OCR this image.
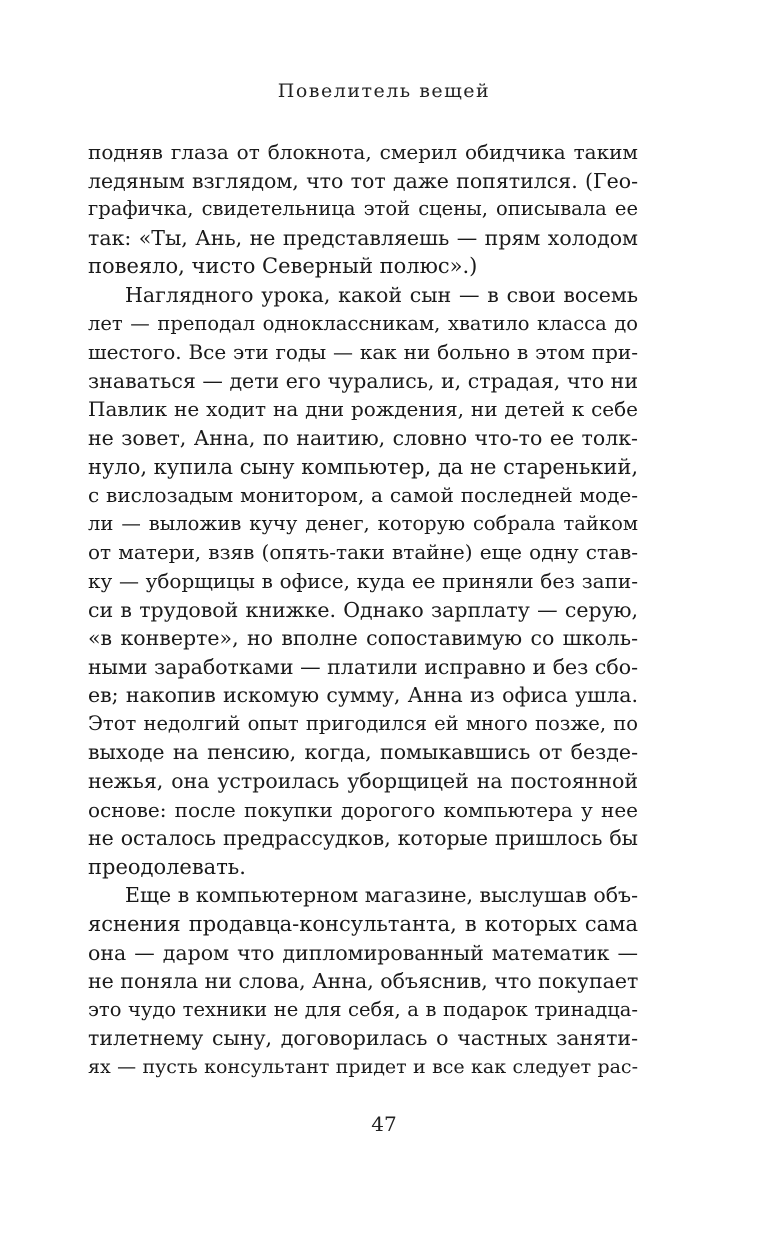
Повелитель вещей
подняв глаза от блокнота, смерил обидчика таким
ледяным взглядом, что тот даже попятился. (Гео-
графичка, свидетельница этой сцены, описывала ее
так: «Ты, Ань, не представляешь — прям холодом
повеяло, чисто Северный полюс».)
Наглядного урока, какой сын — в свои восемь
лет — преподал одноклассникам, хватило класса до
шестого. Все эти годы — как ни больно в этом при-
знаваться — дети его чурались, и, страдая, что ни
Павлик не ходит на дни рождения, ни детей к себе
не зовет, Анна, по наитию, словно что-то ее толк-
нуло, купила сыну компьютер, да не старенький,
с вислозадым монитором, а самой последней моде-
ли — выложив кучу денег, которую собрала тайком
от матери, взяв (опять-таки втайне) еще одну став-
ку — уборщицы в офисе, куда ее приняли без запи-
си в трудовой книжке. Однако зарплату — серую,
«в конверте», но вполне сопоставимую со школь-
ными заработками — платили исправно и без сбо-
ев; накопив искомую сумму, Анна из офиса ушла.
Этот недолгий опыт пригодился ей много позже, по
выходе на пенсию, когда, помыкавшись от безде-
нежья, она устроилась уборщицей на постоянной
основе: после покупки дорогого компьютера у нее
не осталось предрассудков, которые пришлось бы
преодолевать.
Еще в компьютерном магазине, выслушав объ-
яснения продавца-консультанта, в которых сама
она — даром что дипломированный математик —
не поняла ни слова, Анна, объяснив, что покупает
это чудо техники не для себя, а в подарок тринадца-
тилетнему сыну, договорилась о частных заняти-
ях — пусть консультант придет и все как следует рас-
47
